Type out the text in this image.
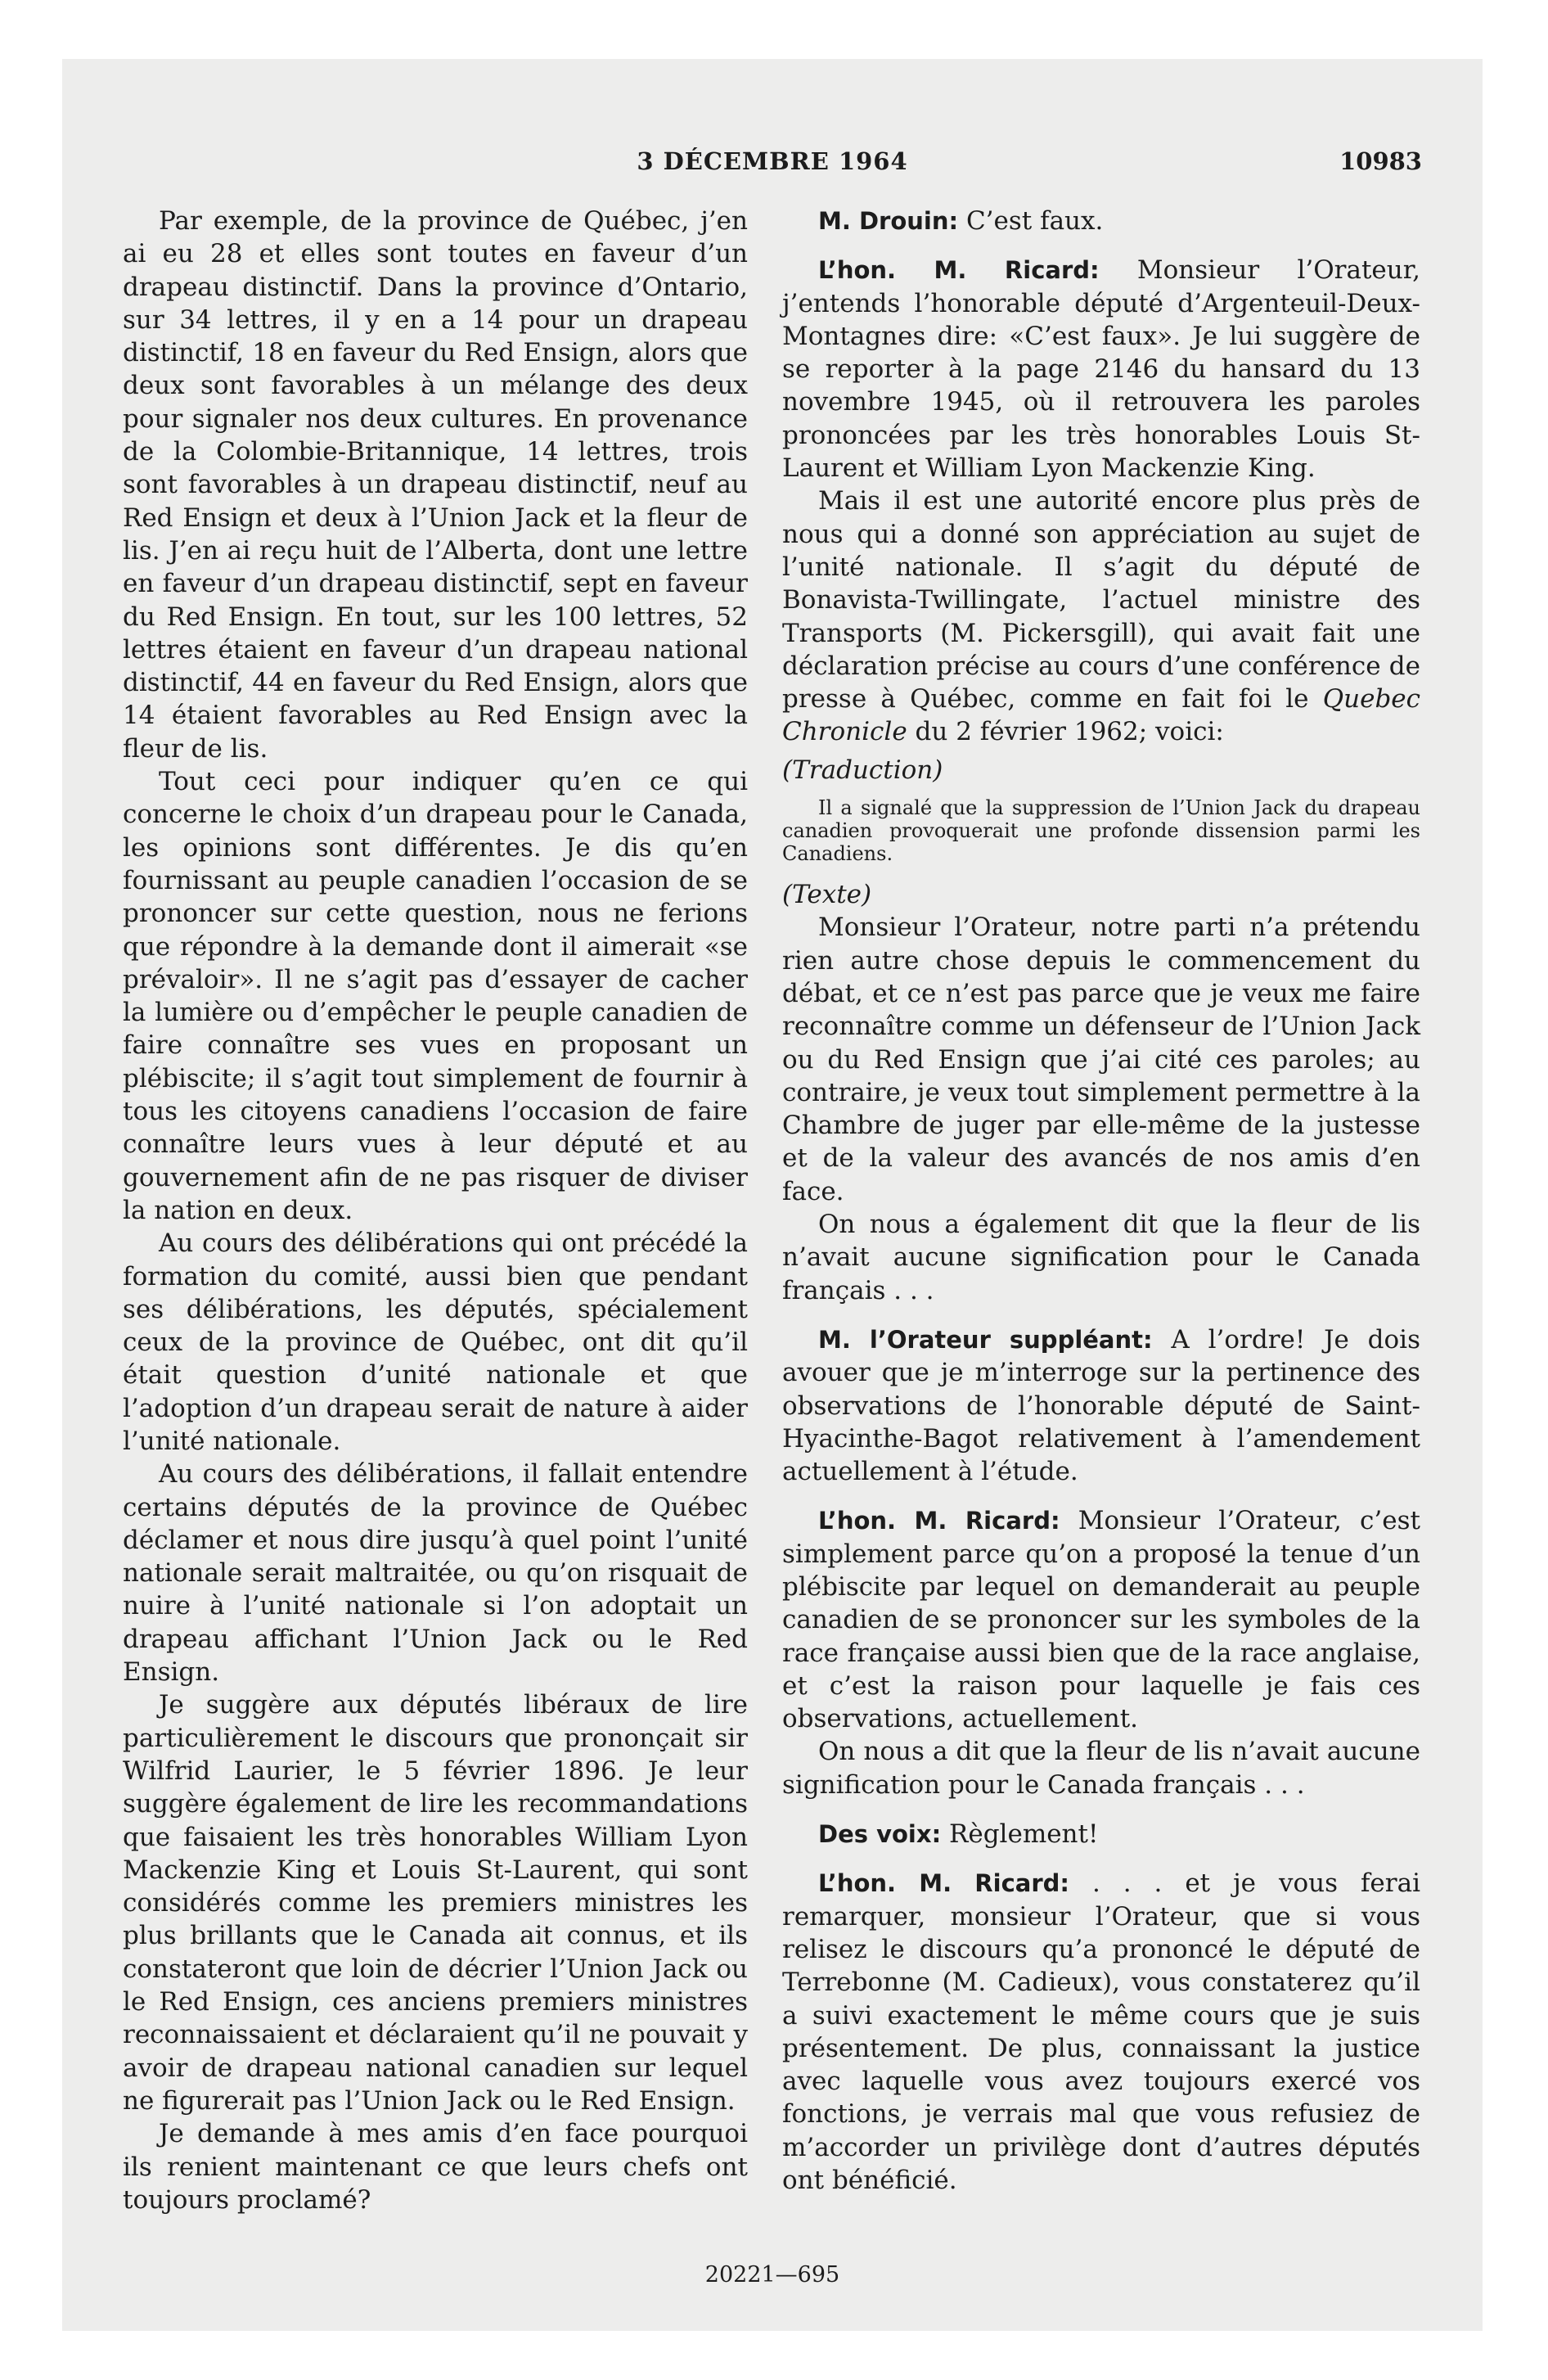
3 DÉCEMBRE 1964	10983

Par exemple, de la province de Québec, j’en ai eu 28 et elles sont toutes en faveur d’un drapeau distinctif. Dans la province d’Ontario, sur 34 lettres, il y en a 14 pour un drapeau distinctif, 18 en faveur du Red Ensign, alors que deux sont favorables à un mélange des deux pour signaler nos deux cultures. En provenance de la Colombie-Britannique, 14 lettres, trois sont favorables à un drapeau distinctif, neuf au Red Ensign et deux à l’Union Jack et la fleur de lis. J’en ai reçu huit de l’Alberta, dont une lettre en faveur d’un drapeau distinctif, sept en faveur du Red Ensign. En tout, sur les 100 lettres, 52 lettres étaient en faveur d’un drapeau national distinctif, 44 en faveur du Red Ensign, alors que 14 étaient favorables au Red Ensign avec la fleur de lis.

Tout ceci pour indiquer qu’en ce qui concerne le choix d’un drapeau pour le Canada, les opinions sont différentes. Je dis qu’en fournissant au peuple canadien l’occasion de se prononcer sur cette question, nous ne ferions que répondre à la demande dont il aimerait «se prévaloir». Il ne s’agit pas d’essayer de cacher la lumière ou d’empêcher le peuple canadien de faire connaître ses vues en proposant un plébiscite; il s’agit tout simplement de fournir à tous les citoyens canadiens l’occasion de faire connaître leurs vues à leur député et au gouvernement afin de ne pas risquer de diviser la nation en deux.

Au cours des délibérations qui ont précédé la formation du comité, aussi bien que pendant ses délibérations, les députés, spécialement ceux de la province de Québec, ont dit qu’il était question d’unité nationale et que l’adoption d’un drapeau serait de nature à aider l’unité nationale.

Au cours des délibérations, il fallait entendre certains députés de la province de Québec déclamer et nous dire jusqu’à quel point l’unité nationale serait maltraitée, ou qu’on risquait de nuire à l’unité nationale si l’on adoptait un drapeau affichant l’Union Jack ou le Red Ensign.

Je suggère aux députés libéraux de lire particulièrement le discours que prononçait sir Wilfrid Laurier, le 5 février 1896. Je leur suggère également de lire les recommandations que faisaient les très honorables William Lyon Mackenzie King et Louis St-Laurent, qui sont considérés comme les premiers ministres les plus brillants que le Canada ait connus, et ils constateront que loin de décrier l’Union Jack ou le Red Ensign, ces anciens premiers ministres reconnaissaient et déclaraient qu’il ne pouvait y avoir de drapeau national canadien sur lequel ne figurerait pas l’Union Jack ou le Red Ensign.

Je demande à mes amis d’en face pourquoi ils renient maintenant ce que leurs chefs ont toujours proclamé?

M. Drouin: C’est faux.

L’hon. M. Ricard: Monsieur l’Orateur, j’entends l’honorable député d’Argenteuil-Deux-Montagnes dire: «C’est faux». Je lui suggère de se reporter à la page 2146 du hansard du 13 novembre 1945, où il retrouvera les paroles prononcées par les très honorables Louis St-Laurent et William Lyon Mackenzie King.

Mais il est une autorité encore plus près de nous qui a donné son appréciation au sujet de l’unité nationale. Il s’agit du député de Bonavista-Twillingate, l’actuel ministre des Transports (M. Pickersgill), qui avait fait une déclaration précise au cours d’une conférence de presse à Québec, comme en fait foi le Quebec Chronicle du 2 février 1962; voici:

(Traduction)

Il a signalé que la suppression de l’Union Jack du drapeau canadien provoquerait une profonde dissension parmi les Canadiens.

(Texte)

Monsieur l’Orateur, notre parti n’a prétendu rien autre chose depuis le commencement du débat, et ce n’est pas parce que je veux me faire reconnaître comme un défenseur de l’Union Jack ou du Red Ensign que j’ai cité ces paroles; au contraire, je veux tout simplement permettre à la Chambre de juger par elle-même de la justesse et de la valeur des avancés de nos amis d’en face.

On nous a également dit que la fleur de lis n’avait aucune signification pour le Canada français . . .

M. l’Orateur suppléant: A l’ordre! Je dois avouer que je m’interroge sur la pertinence des observations de l’honorable député de Saint-Hyacinthe-Bagot relativement à l’amendement actuellement à l’étude.

L’hon. M. Ricard: Monsieur l’Orateur, c’est simplement parce qu’on a proposé la tenue d’un plébiscite par lequel on demanderait au peuple canadien de se prononcer sur les symboles de la race française aussi bien que de la race anglaise, et c’est la raison pour laquelle je fais ces observations, actuellement.

On nous a dit que la fleur de lis n’avait aucune signification pour le Canada français . . .

Des voix: Règlement!

L’hon. M. Ricard: . . . et je vous ferai remarquer, monsieur l’Orateur, que si vous relisez le discours qu’a prononcé le député de Terrebonne (M. Cadieux), vous constaterez qu’il a suivi exactement le même cours que je suis présentement. De plus, connaissant la justice avec laquelle vous avez toujours exercé vos fonctions, je verrais mal que vous refusiez de m’accorder un privilège dont d’autres députés ont bénéficié.

20221—695
